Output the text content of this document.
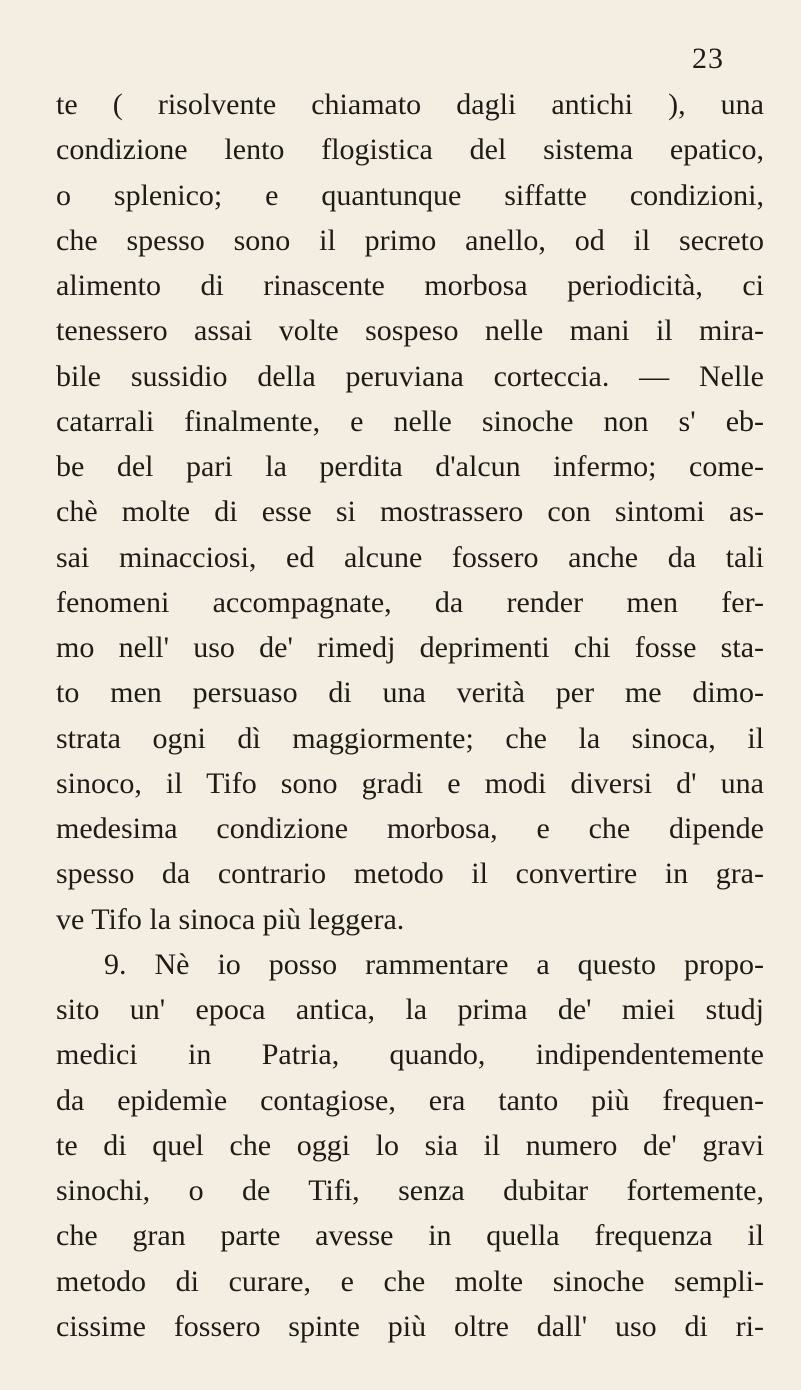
23
te ( risolvente chiamato dagli antichi ), una
condizione lento flogistica del sistema epatico,
o splenico; e quantunque siffatte condizioni,
che spesso sono il primo anello, od il secreto
alimento di rinascente morbosa periodicità, ci
tenessero assai volte sospeso nelle mani il mira-
bile sussidio della peruviana corteccia. — Nelle
catarrali finalmente, e nelle sinoche non s' eb-
be del pari la perdita d'alcun infermo; come-
chè molte di esse si mostrassero con sintomi as-
sai minacciosi, ed alcune fossero anche da tali
fenomeni accompagnate, da render men fer-
mo nell' uso de' rimedj deprimenti chi fosse sta-
to men persuaso di una verità per me dimo-
strata ogni dì maggiormente; che la sinoca, il
sinoco, il Tifo sono gradi e modi diversi d' una
medesima condizione morbosa, e che dipende
spesso da contrario metodo il convertire in gra-
ve Tifo la sinoca più leggera.
9. Nè io posso rammentare a questo propo-
sito un' epoca antica, la prima de' miei studj
medici in Patria, quando, indipendentemente
da epidemìe contagiose, era tanto più frequen-
te di quel che oggi lo sia il numero de' gravi
sinochi, o de Tifi, senza dubitar fortemente,
che gran parte avesse in quella frequenza il
metodo di curare, e che molte sinoche sempli-
cissime fossero spinte più oltre dall' uso di ri-
